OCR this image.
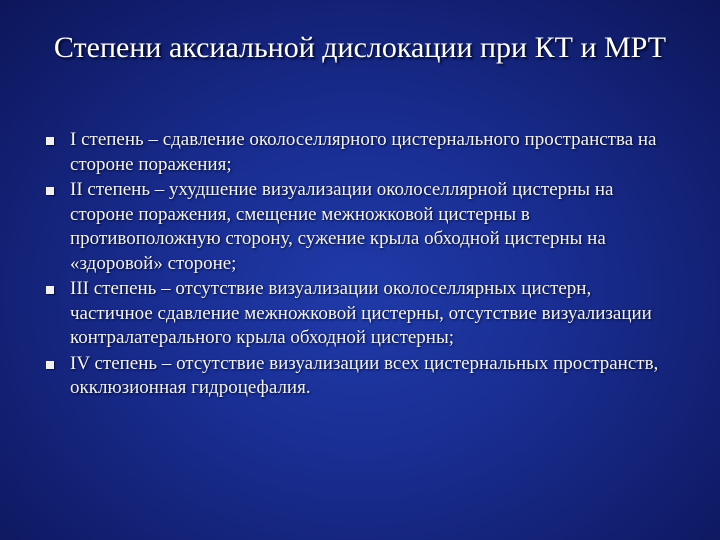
Степени аксиальной дислокации при КТ и МРТ
I степень – сдавление околоселлярного цистернального пространства на стороне поражения;
II степень – ухудшение визуализации околоселлярной цистерны на стороне поражения, смещение межножковой цистерны в противоположную сторону, сужение крыла обходной цистерны на «здоровой» стороне;
III степень – отсутствие визуализации околоселлярных цистерн, частичное сдавление межножковой цистерны, отсутствие визуализации контралатерального крыла обходной цистерны;
IV степень – отсутствие визуализации всех цистернальных пространств, окклюзионная гидроцефалия.
